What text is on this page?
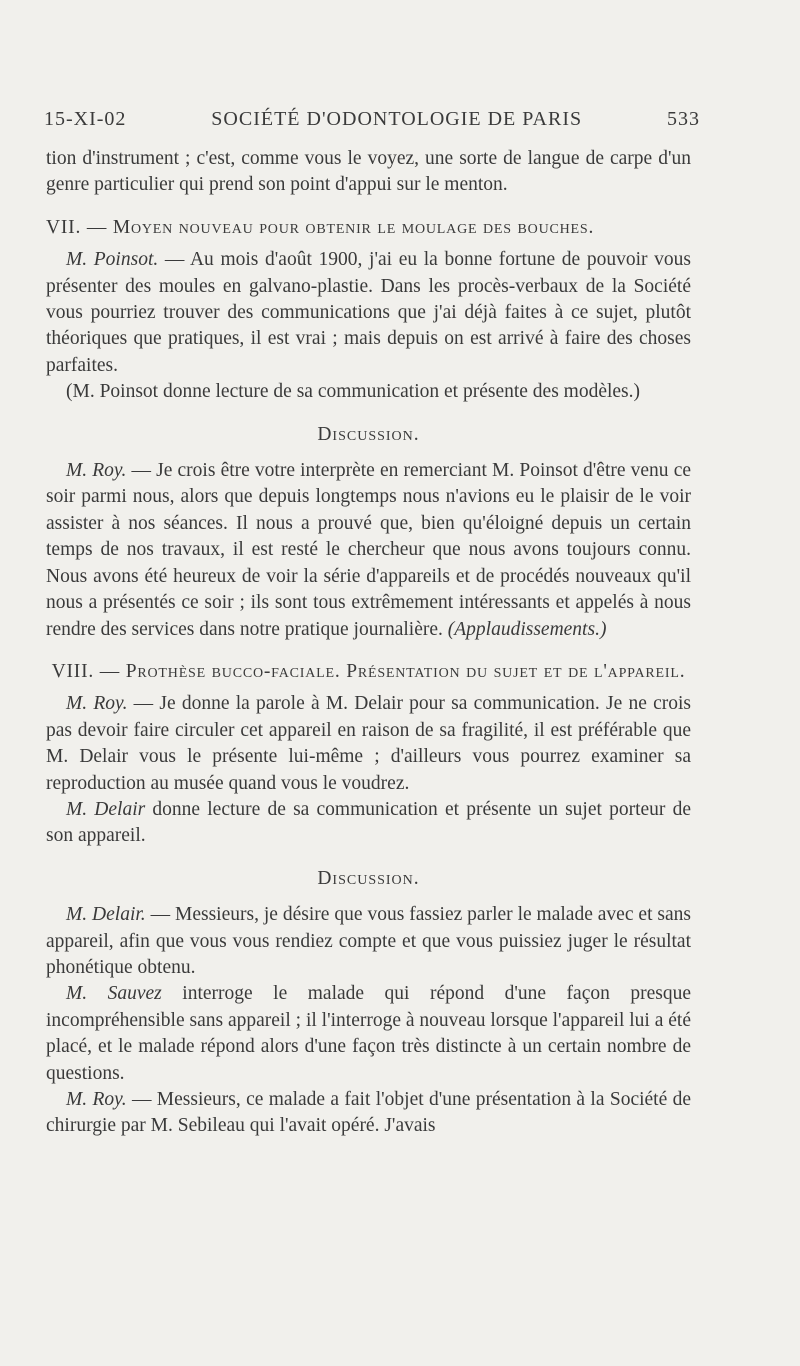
15-XI-02	SOCIÉTÉ D'ODONTOLOGIE DE PARIS	533

tion d'instrument ; c'est, comme vous le voyez, une sorte de langue de carpe d'un genre particulier qui prend son point d'appui sur le menton.

VII. — Moyen nouveau pour obtenir le moulage des bouches.

M. Poinsot. — Au mois d'août 1900, j'ai eu la bonne fortune de pouvoir vous présenter des moules en galvano-plastie. Dans les procès-verbaux de la Société vous pourriez trouver des communications que j'ai déjà faites à ce sujet, plutôt théoriques que pratiques, il est vrai ; mais depuis on est arrivé à faire des choses parfaites.

(M. Poinsot donne lecture de sa communication et présente des modèles.)

Discussion.

M. Roy. — Je crois être votre interprète en remerciant M. Poinsot d'être venu ce soir parmi nous, alors que depuis longtemps nous n'avions eu le plaisir de le voir assister à nos séances. Il nous a prouvé que, bien qu'éloigné depuis un certain temps de nos travaux, il est resté le chercheur que nous avons toujours connu. Nous avons été heureux de voir la série d'appareils et de procédés nouveaux qu'il nous a présentés ce soir ; ils sont tous extrêmement intéressants et appelés à nous rendre des services dans notre pratique journalière. (Applaudissements.)

VIII. — Prothèse bucco-faciale. Présentation du sujet et de l'appareil.

M. Roy. — Je donne la parole à M. Delair pour sa communication. Je ne crois pas devoir faire circuler cet appareil en raison de sa fragilité, il est préférable que M. Delair vous le présente lui-même ; d'ailleurs vous pourrez examiner sa reproduction au musée quand vous le voudrez.

M. Delair donne lecture de sa communication et présente un sujet porteur de son appareil.

Discussion.

M. Delair. — Messieurs, je désire que vous fassiez parler le malade avec et sans appareil, afin que vous vous rendiez compte et que vous puissiez juger le résultat phonétique obtenu.

M. Sauvez interroge le malade qui répond d'une façon presque incompréhensible sans appareil ; il l'interroge à nouveau lorsque l'appareil lui a été placé, et le malade répond alors d'une façon très distincte à un certain nombre de questions.

M. Roy. — Messieurs, ce malade a fait l'objet d'une présentation à la Société de chirurgie par M. Sebileau qui l'avait opéré. J'avais
